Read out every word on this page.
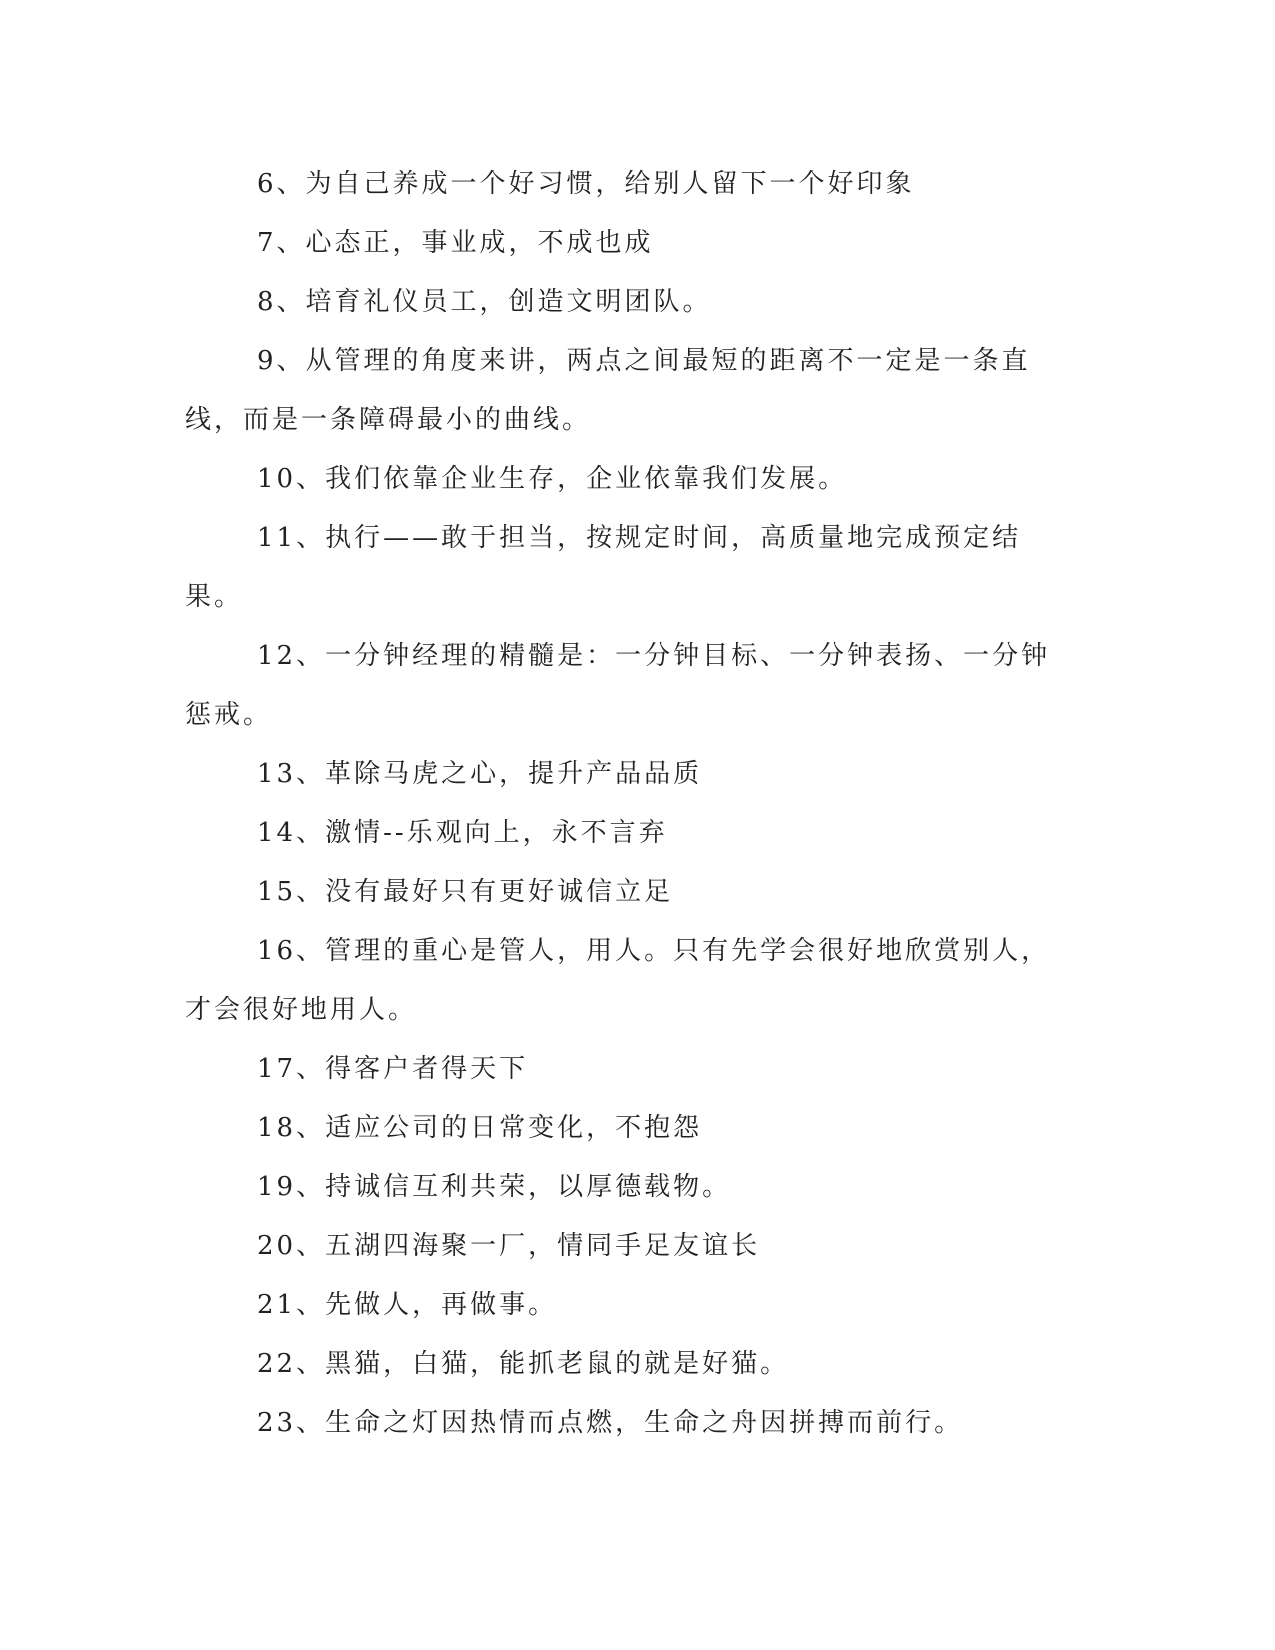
6、为自己养成一个好习惯，给别人留下一个好印象

7、心态正，事业成，不成也成

8、培育礼仪员工，创造文明团队。

9、从管理的角度来讲，两点之间最短的距离不一定是一条直线，而是一条障碍最小的曲线。

10、我们依靠企业生存，企业依靠我们发展。

11、执行——敢于担当，按规定时间，高质量地完成预定结果。

12、一分钟经理的精髓是：一分钟目标、一分钟表扬、一分钟惩戒。

13、革除马虎之心，提升产品品质

14、激情--乐观向上，永不言弃

15、没有最好只有更好诚信立足

16、管理的重心是管人，用人。只有先学会很好地欣赏别人，才会很好地用人。

17、得客户者得天下

18、适应公司的日常变化，不抱怨

19、持诚信互利共荣，以厚德载物。

20、五湖四海聚一厂，情同手足友谊长

21、先做人，再做事。

22、黑猫，白猫，能抓老鼠的就是好猫。

23、生命之灯因热情而点燃，生命之舟因拼搏而前行。
